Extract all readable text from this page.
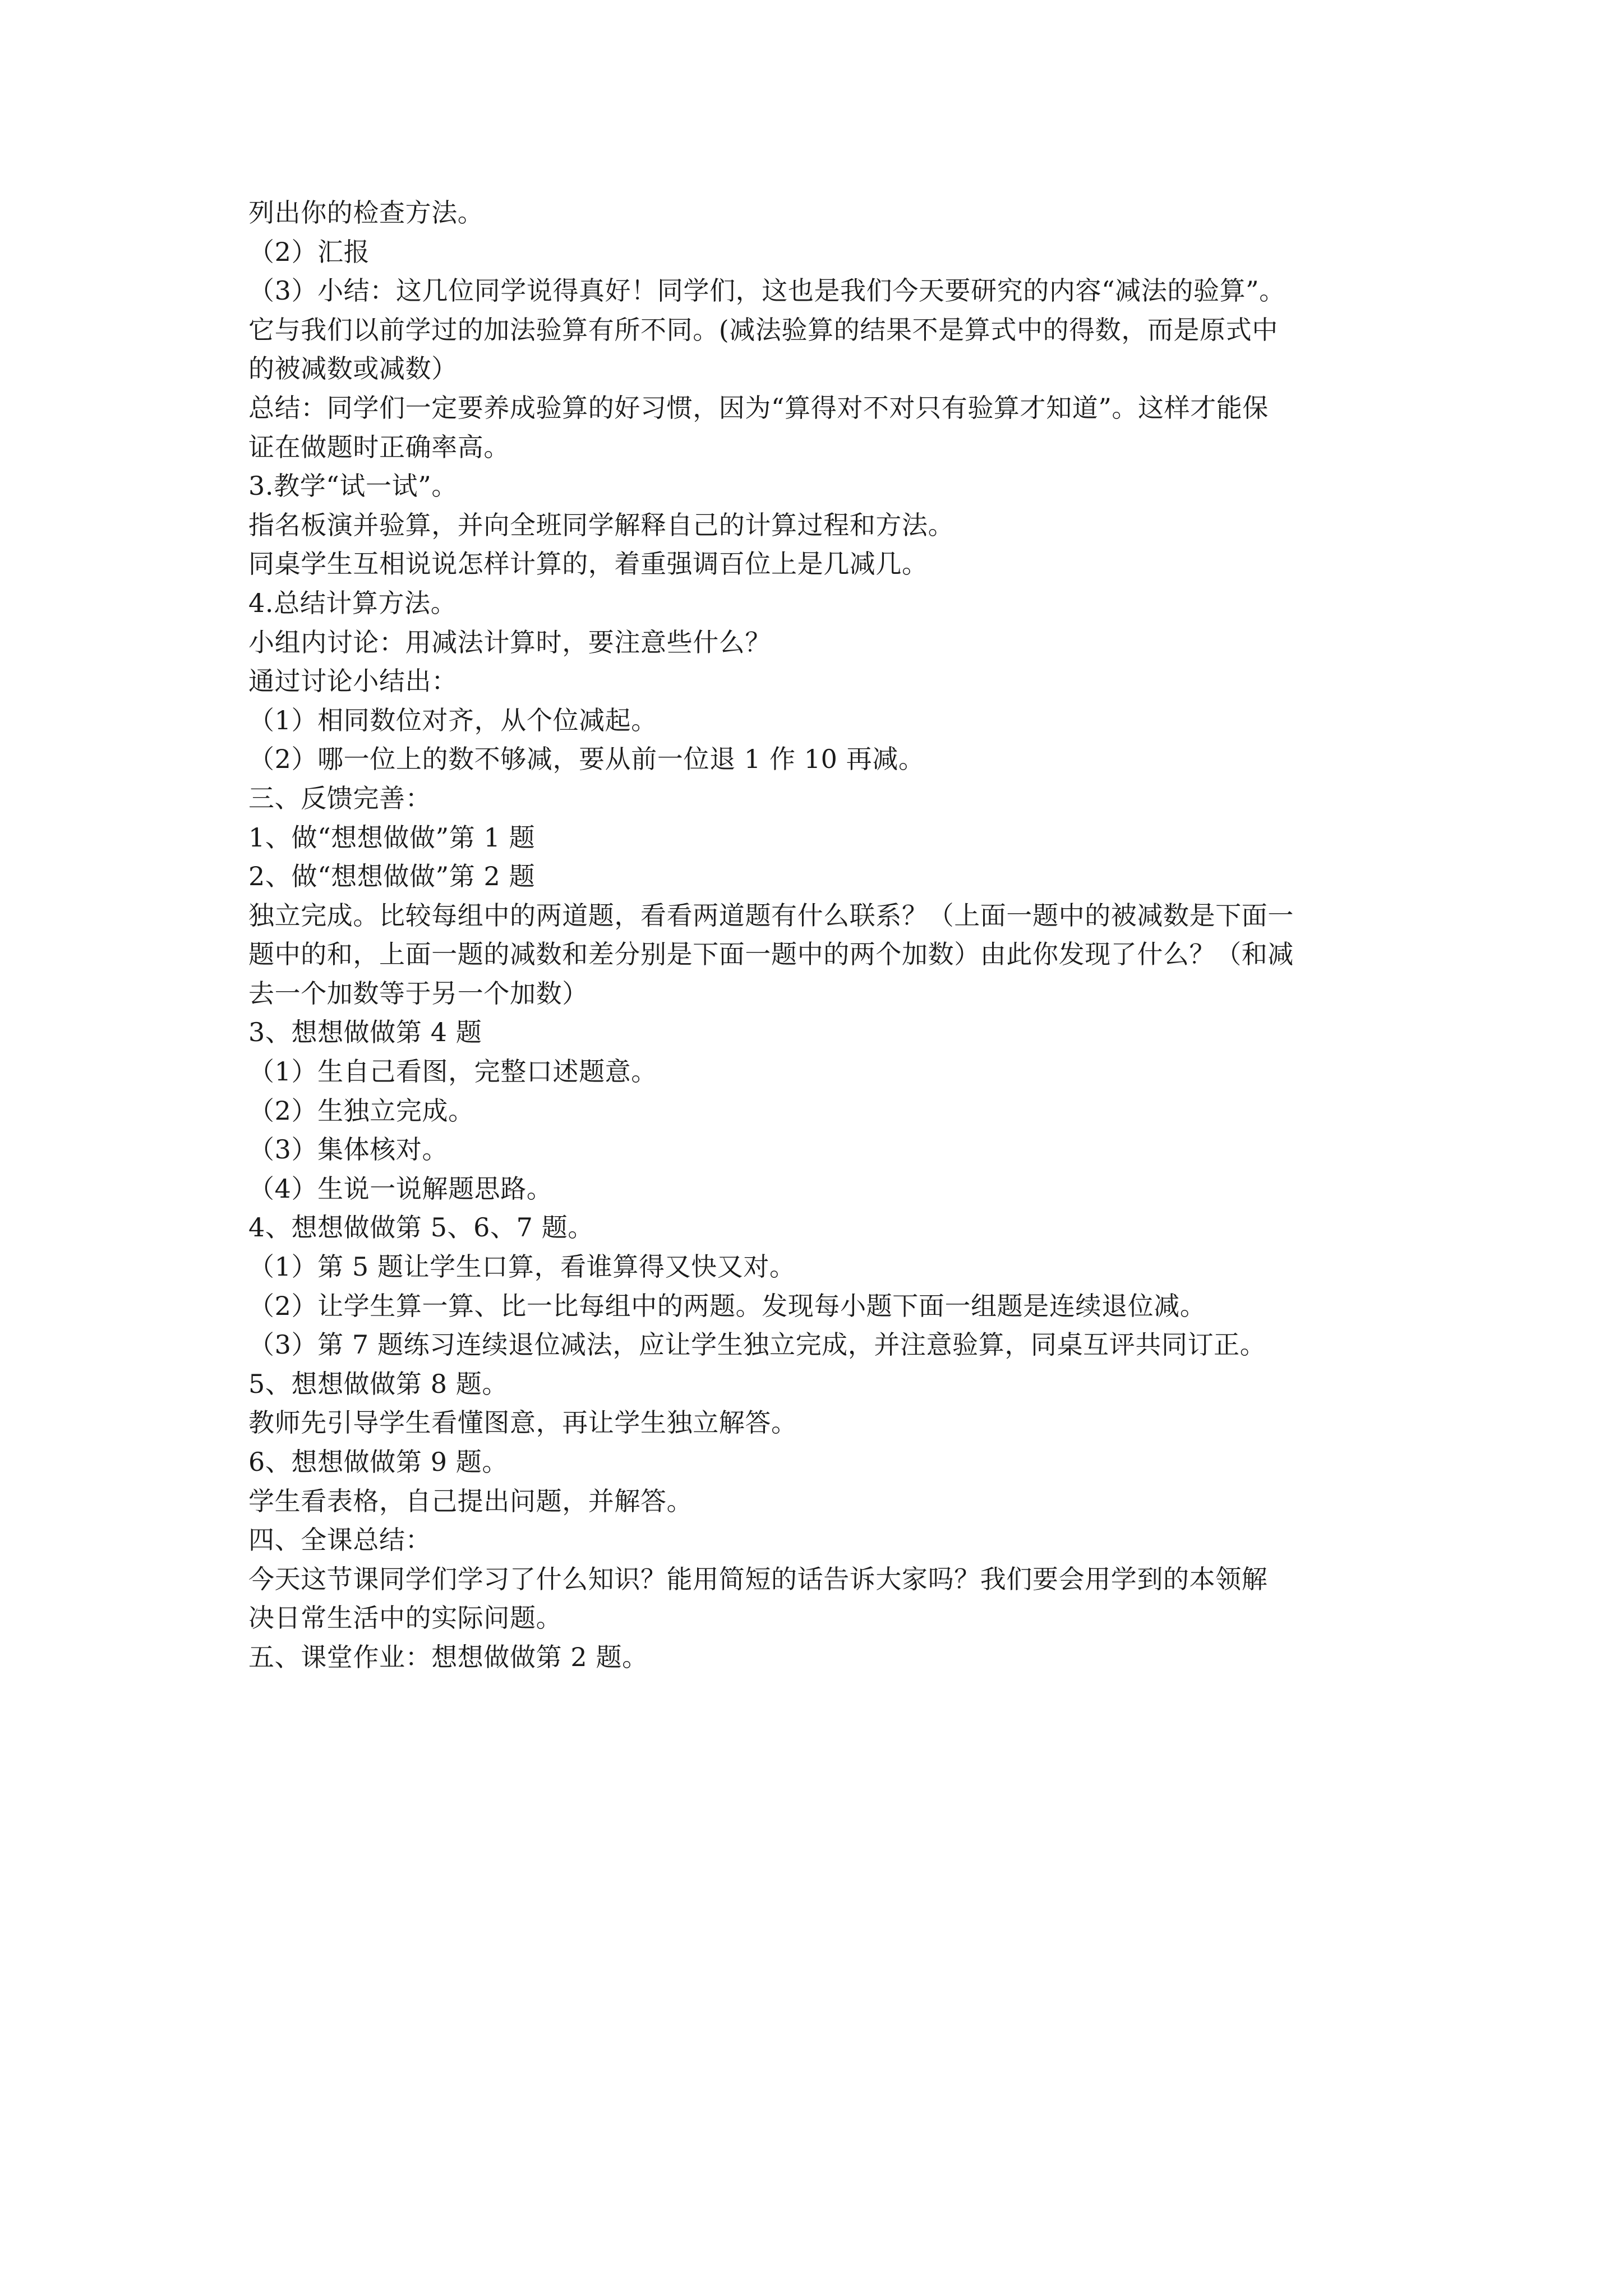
列出你的检查方法。
（2）汇报
（3）小结：这几位同学说得真好！同学们，这也是我们今天要研究的内容“减法的验算”。
它与我们以前学过的加法验算有所不同。(减法验算的结果不是算式中的得数，而是原式中
的被减数或减数）
总结：同学们一定要养成验算的好习惯，因为“算得对不对只有验算才知道”。这样才能保
证在做题时正确率高。
3.教学“试一试”。
指名板演并验算，并向全班同学解释自己的计算过程和方法。
同桌学生互相说说怎样计算的，着重强调百位上是几减几。
4.总结计算方法。
小组内讨论：用减法计算时，要注意些什么？
通过讨论小结出：
（1）相同数位对齐，从个位减起。
（2）哪一位上的数不够减，要从前一位退 1 作 10 再减。
三、反馈完善：
1、做“想想做做”第 1 题
2、做“想想做做”第 2 题
独立完成。比较每组中的两道题，看看两道题有什么联系？（上面一题中的被减数是下面一
题中的和，上面一题的减数和差分别是下面一题中的两个加数）由此你发现了什么？（和减
去一个加数等于另一个加数）
3、想想做做第 4 题
（1）生自己看图，完整口述题意。
（2）生独立完成。
（3）集体核对。
（4）生说一说解题思路。
4、想想做做第 5、6、7 题。
（1）第 5 题让学生口算，看谁算得又快又对。
（2）让学生算一算、比一比每组中的两题。发现每小题下面一组题是连续退位减。
（3）第 7 题练习连续退位减法，应让学生独立完成，并注意验算，同桌互评共同订正。
5、想想做做第 8 题。
教师先引导学生看懂图意，再让学生独立解答。
6、想想做做第 9 题。
学生看表格，自己提出问题，并解答。
四、全课总结：
今天这节课同学们学习了什么知识？能用简短的话告诉大家吗？我们要会用学到的本领解
决日常生活中的实际问题。
五、课堂作业：想想做做第 2 题。
